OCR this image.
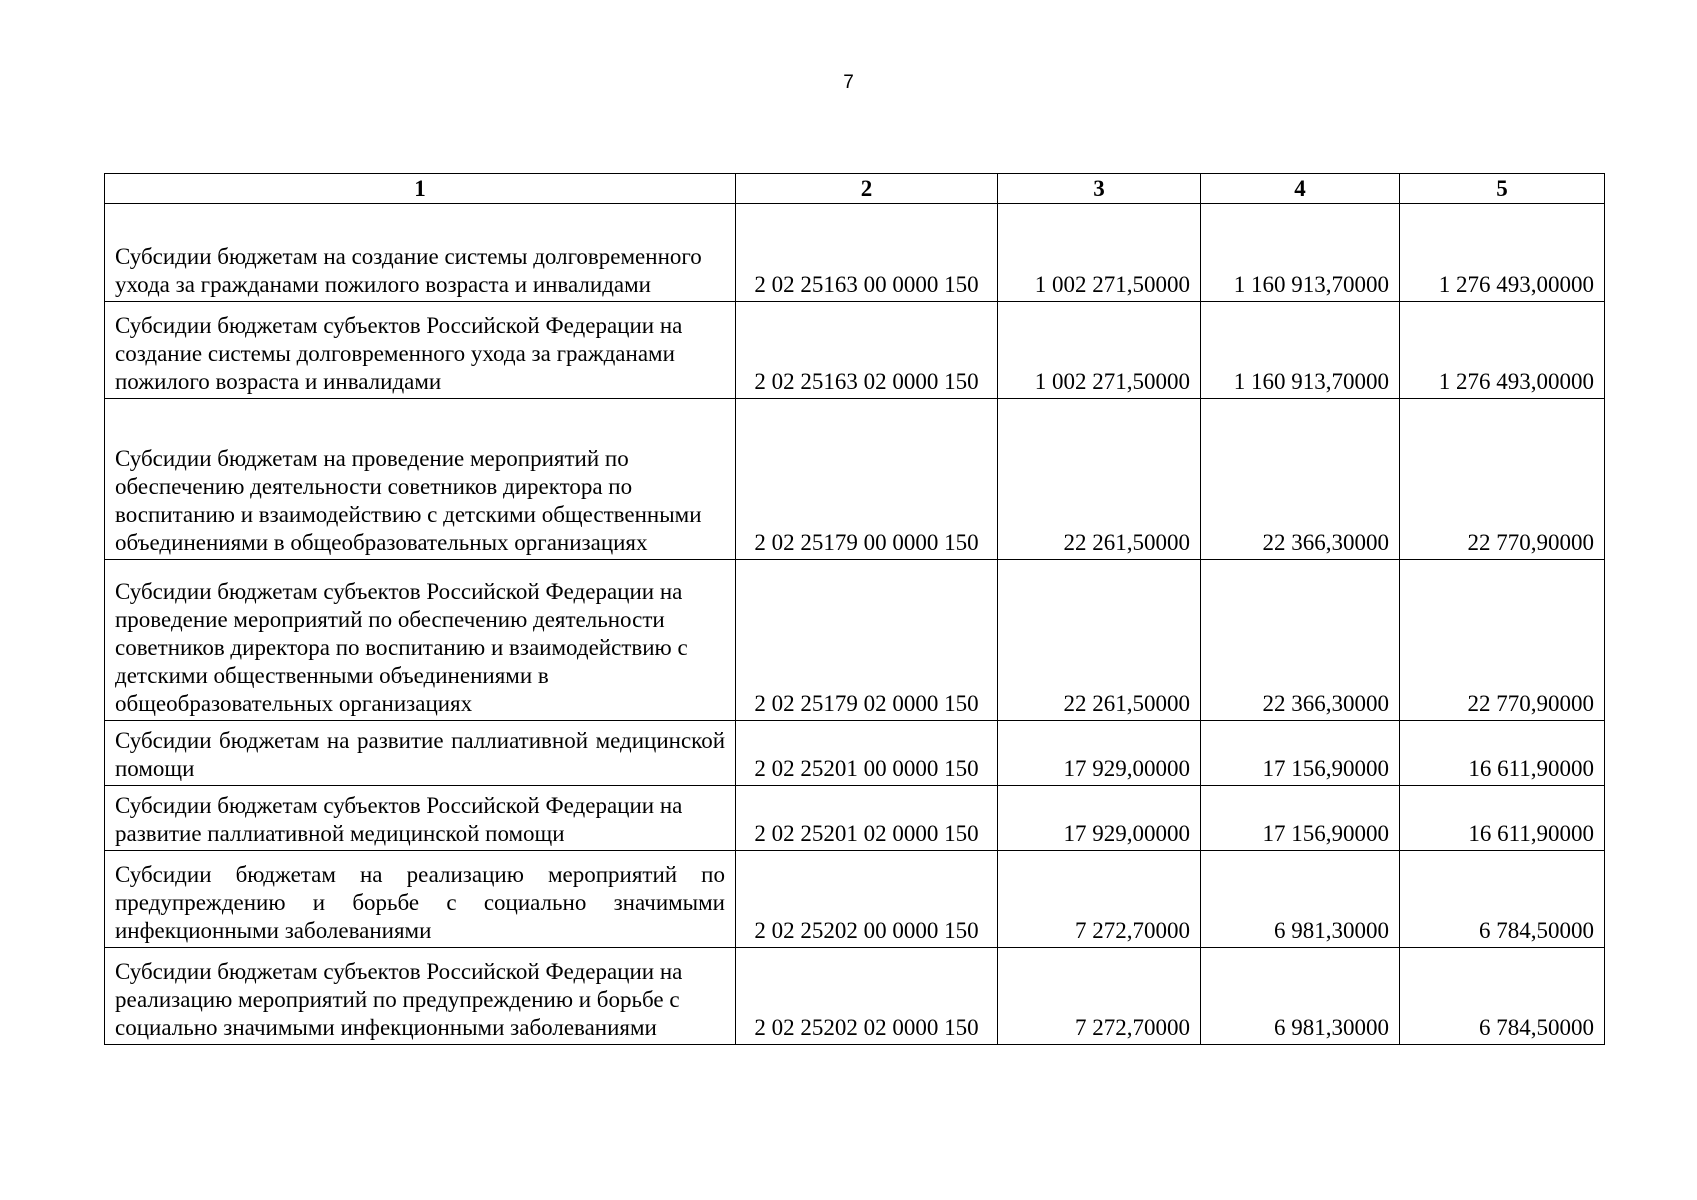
7
1	2	3	4	5
Субсидии бюджетам на создание системы долговременного ухода за гражданами пожилого возраста и инвалидами	2 02 25163 00 0000 150	1 002 271,50000	1 160 913,70000	1 276 493,00000
Субсидии бюджетам субъектов Российской Федерации на создание системы долговременного ухода за гражданами пожилого возраста и инвалидами	2 02 25163 02 0000 150	1 002 271,50000	1 160 913,70000	1 276 493,00000
Субсидии бюджетам на проведение мероприятий по обеспечению деятельности советников директора по воспитанию и взаимодействию с детскими общественными объединениями в общеобразовательных организациях	2 02 25179 00 0000 150	22 261,50000	22 366,30000	22 770,90000
Субсидии бюджетам субъектов Российской Федерации на проведение мероприятий по обеспечению деятельности советников директора по воспитанию и взаимодействию с детскими общественными объединениями в общеобразовательных организациях	2 02 25179 02 0000 150	22 261,50000	22 366,30000	22 770,90000
Субсидии бюджетам на развитие паллиативной медицинской помощи	2 02 25201 00 0000 150	17 929,00000	17 156,90000	16 611,90000
Субсидии бюджетам субъектов Российской Федерации на развитие паллиативной медицинской помощи	2 02 25201 02 0000 150	17 929,00000	17 156,90000	16 611,90000
Субсидии бюджетам на реализацию мероприятий по предупреждению и борьбе с социально значимыми инфекционными заболеваниями	2 02 25202 00 0000 150	7 272,70000	6 981,30000	6 784,50000
Субсидии бюджетам субъектов Российской Федерации на реализацию мероприятий по предупреждению и борьбе с социально значимыми инфекционными заболеваниями	2 02 25202 02 0000 150	7 272,70000	6 981,30000	6 784,50000
